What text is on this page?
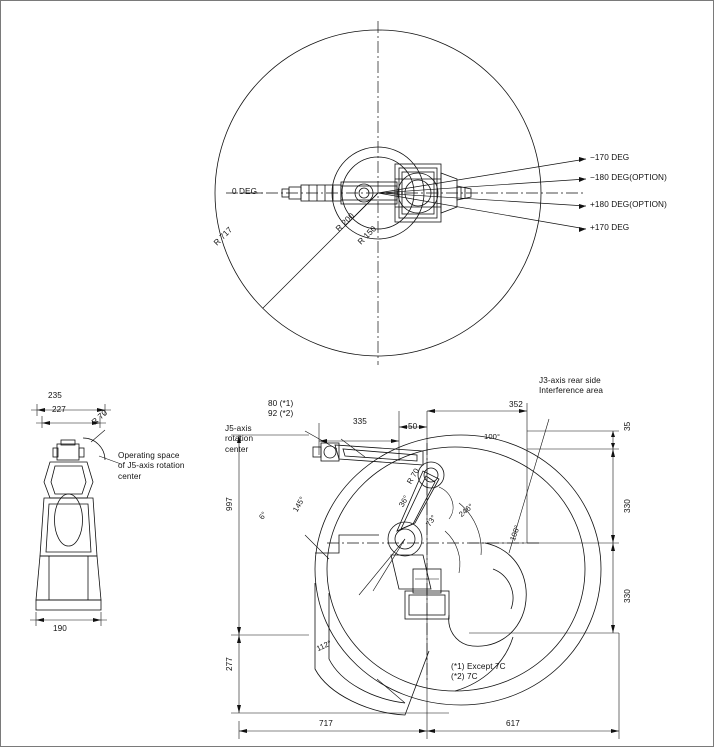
0 DEG
−170 DEG
−180 DEG(OPTION)
+180 DEG(OPTION)
+170 DEG
R 717
R 200
R 150
235
227
190
R 70
Operating space
of J5-axis rotation
center
J3-axis rear side
Interference area
J5-axis
rotation
center
80 (*1)
92 (*2)
(*1) Except 7C
(*2) 7C
335
50
352
35
330
330
997
277
717	617
100°
145°
6°
36°
73°
246°
108°
112°
R 70
